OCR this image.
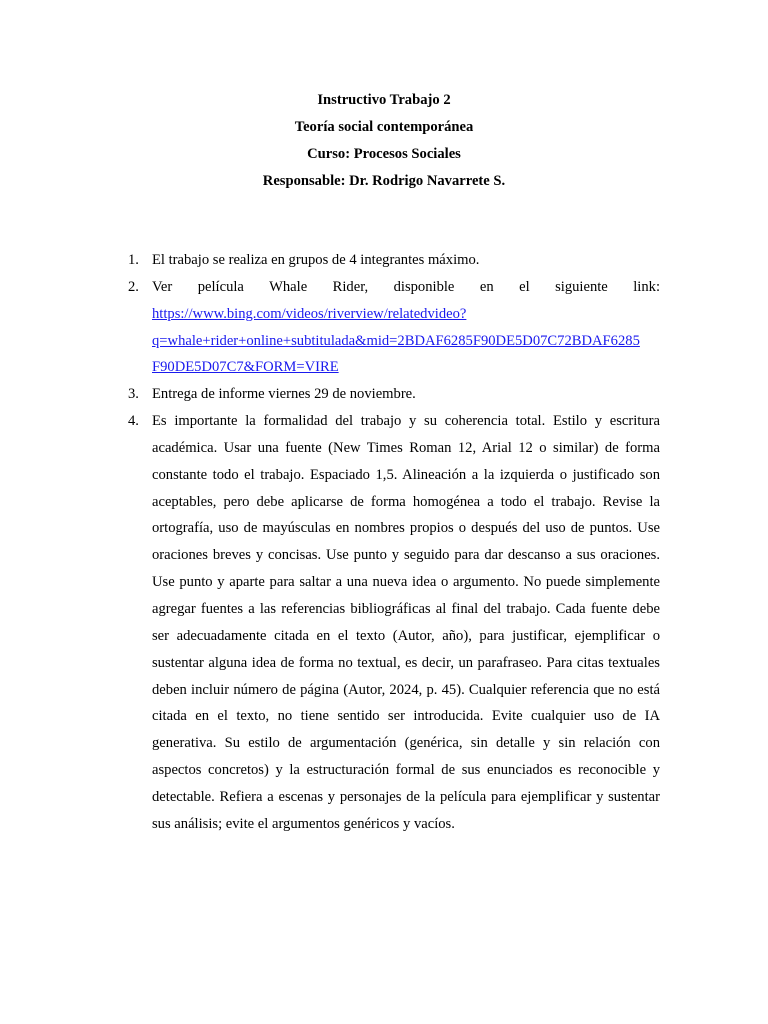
Instructivo Trabajo 2
Teoría social contemporánea
Curso: Procesos Sociales
Responsable: Dr. Rodrigo Navarrete S.
1. El trabajo se realiza en grupos de 4 integrantes máximo.
2. Ver película Whale Rider, disponible en el siguiente link:
https://www.bing.com/videos/riverview/relatedvideo?
q=whale+rider+online+subtitulada&mid=2BDAF6285F90DE5D07C72BDAF6285
F90DE5D07C7&FORM=VIRE
3. Entrega de informe viernes 29 de noviembre.
4. Es importante la formalidad del trabajo y su coherencia total. Estilo y escritura académica. Usar una fuente (New Times Roman 12, Arial 12 o similar) de forma constante todo el trabajo. Espaciado 1,5. Alineación a la izquierda o justificado son aceptables, pero debe aplicarse de forma homogénea a todo el trabajo. Revise la ortografía, uso de mayúsculas en nombres propios o después del uso de puntos. Use oraciones breves y concisas. Use punto y seguido para dar descanso a sus oraciones. Use punto y aparte para saltar a una nueva idea o argumento. No puede simplemente agregar fuentes a las referencias bibliográficas al final del trabajo. Cada fuente debe ser adecuadamente citada en el texto (Autor, año), para justificar, ejemplificar o sustentar alguna idea de forma no textual, es decir, un parafraseo. Para citas textuales deben incluir número de página (Autor, 2024, p. 45). Cualquier referencia que no está citada en el texto, no tiene sentido ser introducida. Evite cualquier uso de IA generativa. Su estilo de argumentación (genérica, sin detalle y sin relación con aspectos concretos) y la estructuración formal de sus enunciados es reconocible y detectable. Refiera a escenas y personajes de la película para ejemplificar y sustentar sus análisis; evite el argumentos genéricos y vacíos.
